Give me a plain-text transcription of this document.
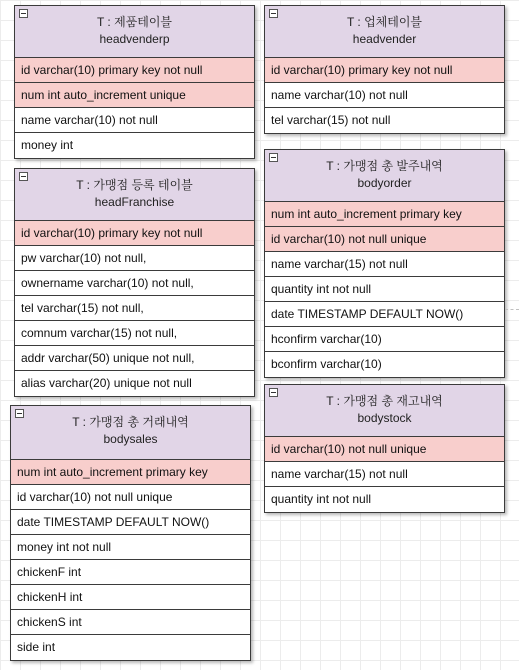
T : 제품테이블
headvenderp
id varchar(10) primary key not null
num int auto_increment unique
name varchar(10) not null
money int
T : 업체테이블
headvender
id varchar(10) primary key not null
name varchar(10) not null
tel varchar(15) not null
T : 가맹점 등록 테이블
headFranchise
id varchar(10) primary key not null
pw varchar(10) not null,
ownername varchar(10) not null,
tel varchar(15) not null,
comnum varchar(15) not null,
addr varchar(50) unique not null,
alias varchar(20) unique not null
T : 가맹점 총 발주내역
bodyorder
num int auto_increment primary key
id varchar(10) not null unique
name varchar(15) not null
quantity int not null
date TIMESTAMP DEFAULT NOW()
hconfirm varchar(10)
bconfirm varchar(10)
T : 가맹점 총 재고내역
bodystock
id varchar(10) not null unique
name varchar(15) not null
quantity int not null
T : 가맹점 총 거래내역
bodysales
num int auto_increment primary key
id varchar(10) not null unique
date TIMESTAMP DEFAULT NOW()
money int not null
chickenF int
chickenH int
chickenS int
side int
